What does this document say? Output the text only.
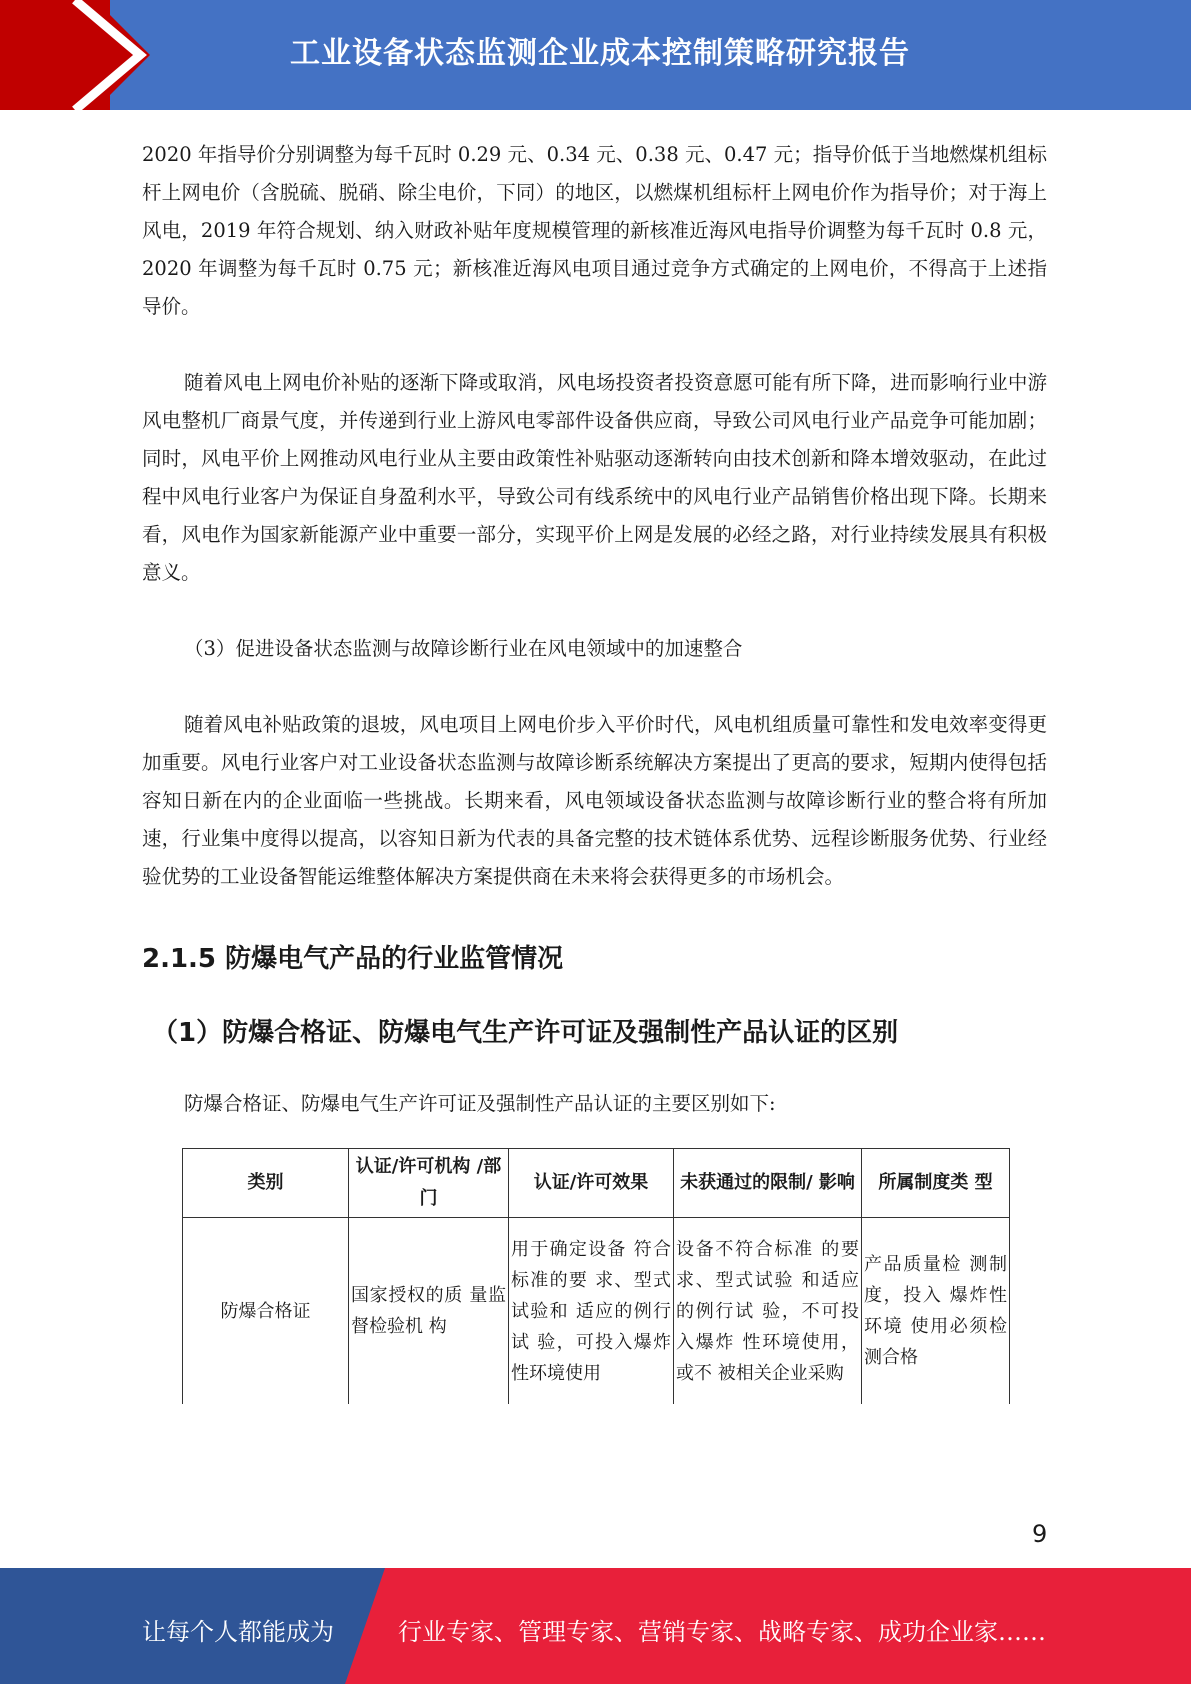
工业设备状态监测企业成本控制策略研究报告

2020 年指导价分别调整为每千瓦时 0.29 元、0.34 元、0.38 元、0.47 元；指导价低于当地燃煤机组标杆上网电价（含脱硫、脱硝、除尘电价，下同）的地区，以燃煤机组标杆上网电价作为指导价；对于海上风电，2019 年符合规划、纳入财政补贴年度规模管理的新核准近海风电指导价调整为每千瓦时 0.8 元，2020 年调整为每千瓦时 0.75 元；新核准近海风电项目通过竞争方式确定的上网电价，不得高于上述指导价。

随着风电上网电价补贴的逐渐下降或取消，风电场投资者投资意愿可能有所下降，进而影响行业中游风电整机厂商景气度，并传递到行业上游风电零部件设备供应商，导致公司风电行业产品竞争可能加剧；同时，风电平价上网推动风电行业从主要由政策性补贴驱动逐渐转向由技术创新和降本增效驱动，在此过程中风电行业客户为保证自身盈利水平，导致公司有线系统中的风电行业产品销售价格出现下降。长期来看，风电作为国家新能源产业中重要一部分，实现平价上网是发展的必经之路，对行业持续发展具有积极意义。

（3）促进设备状态监测与故障诊断行业在风电领域中的加速整合

随着风电补贴政策的退坡，风电项目上网电价步入平价时代，风电机组质量可靠性和发电效率变得更加重要。风电行业客户对工业设备状态监测与故障诊断系统解决方案提出了更高的要求，短期内使得包括容知日新在内的企业面临一些挑战。长期来看，风电领域设备状态监测与故障诊断行业的整合将有所加速，行业集中度得以提高，以容知日新为代表的具备完整的技术链体系优势、远程诊断服务优势、行业经验优势的工业设备智能运维整体解决方案提供商在未来将会获得更多的市场机会。

2.1.5 防爆电气产品的行业监管情况
（1）防爆合格证、防爆电气生产许可证及强制性产品认证的区别

防爆合格证、防爆电气生产许可证及强制性产品认证的主要区别如下:

类别	认证/许可机构 /部门	认证/许可效果	未获通过的限制/ 影响	所属制度类 型
防爆合格证	国家授权的质 量监督检验机 构	用于确定设备 符合标准的要 求、型式试验和 适应的例行试 验，可投入爆炸 性环境使用	设备不符合标准 的要求、型式试验 和适应的例行试 验，不可投入爆炸 性环境使用，或不 被相关企业采购	产品质量检 测制度，投入 爆炸性环境 使用必须检 测合格
9
让每个人都能成为	行业专家、管理专家、营销专家、战略专家、成功企业家……
